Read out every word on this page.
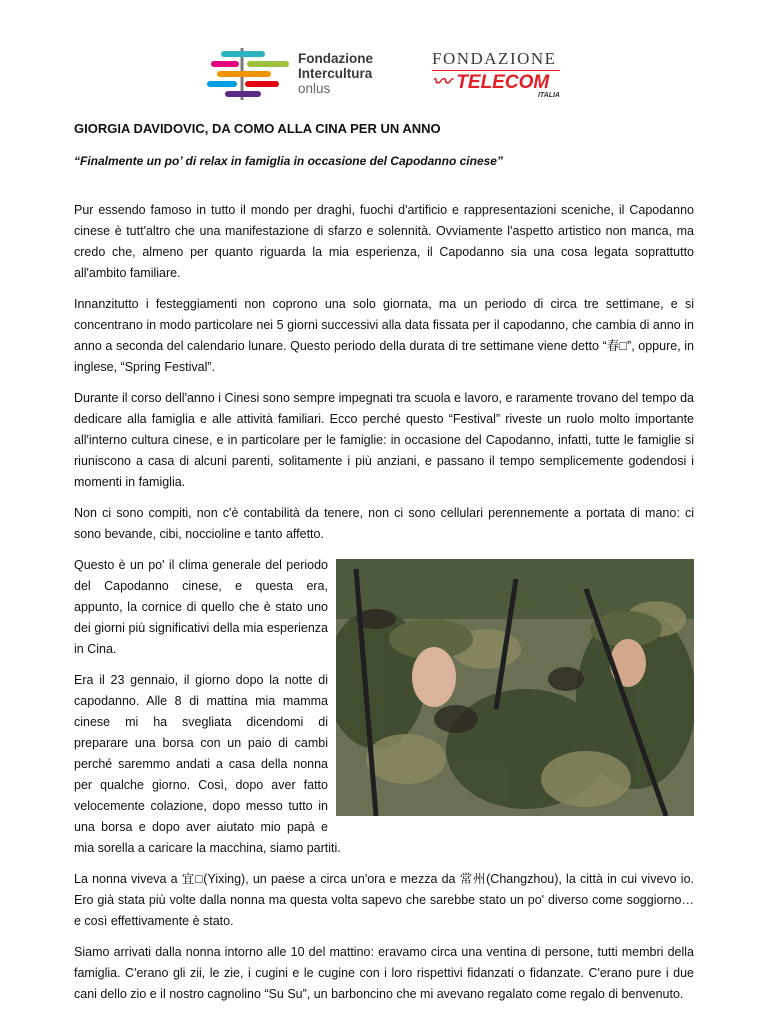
Fondazione
Intercultura
onlus
FONDAZIONE
〰 TELECOM
ITALIA
GIORGIA DAVIDOVIC, DA COMO ALLA CINA PER UN ANNO
“Finalmente un po’ di relax in famiglia in occasione del Capodanno cinese”

Pur essendo famoso in tutto il mondo per draghi, fuochi d'artificio e rappresentazioni sceniche, il Capodanno cinese è tutt'altro che una manifestazione di sfarzo e solennità. Ovviamente l'aspetto artistico non manca, ma credo che, almeno per quanto riguarda la mia esperienza, il Capodanno sia una cosa legata soprattutto all'ambito familiare.

Innanzitutto i festeggiamenti non coprono una solo giornata, ma un periodo di circa tre settimane, e si concentrano in modo particolare nei 5 giorni successivi alla data fissata per il capodanno, che cambia di anno in anno a seconda del calendario lunare. Questo periodo della durata di tre settimane viene detto “春□”, oppure, in inglese, “Spring Festival”.

Durante il corso dell'anno i Cinesi sono sempre impegnati tra scuola e lavoro, e raramente trovano del tempo da dedicare alla famiglia e alle attività familiari. Ecco perché questo “Festival” riveste un ruolo molto importante all'interno cultura cinese, e in particolare per le famiglie: in occasione del Capodanno, infatti, tutte le famiglie si riuniscono a casa di alcuni parenti, solitamente i più anziani, e passano il tempo semplicemente godendosi i momenti in famiglia.

Non ci sono compiti, non c'è contabilità da tenere, non ci sono cellulari perennemente a portata di mano: ci sono bevande, cibi, noccioline e tanto affetto.

Questo è un po' il clima generale del periodo del Capodanno cinese, e questa era, appunto, la cornice di quello che è stato uno dei giorni più significativi della mia esperienza in Cina.

Era il 23 gennaio, il giorno dopo la notte di capodanno. Alle 8 di mattina mia mamma cinese mi ha svegliata dicendomi di preparare una borsa con un paio di cambi perché saremmo andati a casa della nonna per qualche giorno. Così, dopo aver fatto velocemente colazione, dopo messo tutto in una borsa e dopo aver aiutato mio papà e mia sorella a caricare la macchina, siamo partiti.

La nonna viveva a 宜□(Yixing), un paese a circa un'ora e mezza da 常州(Changzhou), la città in cui vivevo io. Ero già stata più volte dalla nonna ma questa volta sapevo che sarebbe stato un po' diverso come soggiorno… e così effettivamente è stato.

Siamo arrivati dalla nonna intorno alle 10 del mattino: eravamo circa una ventina di persone, tutti membri della famiglia. C'erano gli zii, le zie, i cugini e le cugine con i loro rispettivi fidanzati o fidanzate. C'erano pure i due cani dello zio e il nostro cagnolino “Su Su”, un barboncino che mi avevano regalato come regalo di benvenuto.
